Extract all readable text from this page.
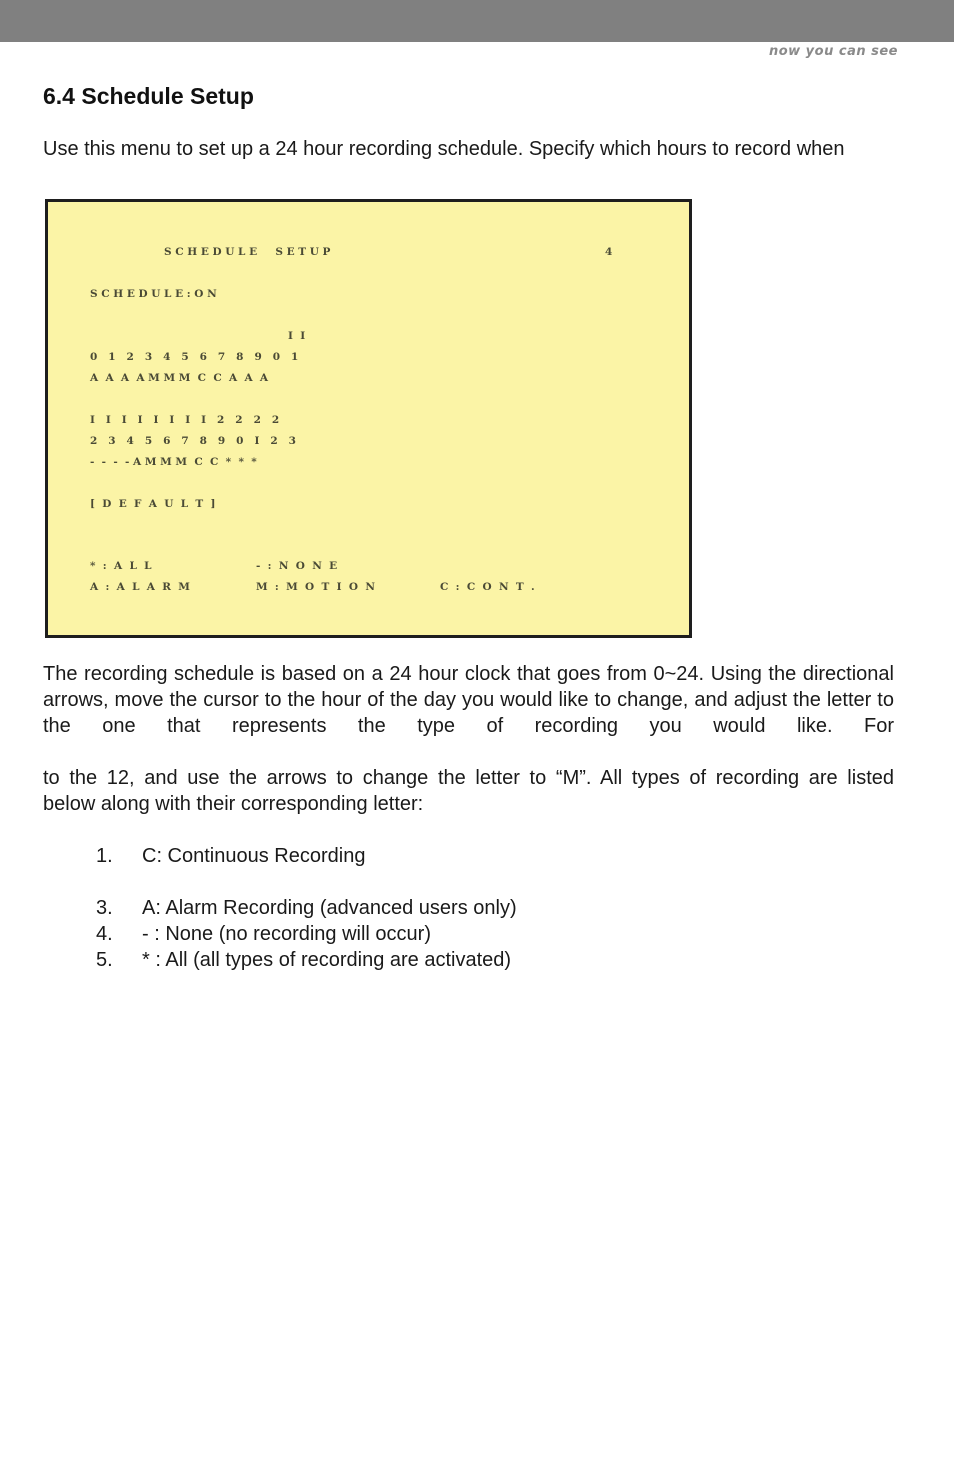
now you can see
6.4 Schedule Setup

Use this menu to set up a 24 hour recording schedule. Specify which hours to record when

S C H E D U L E     S E T U P	4
S C H E D U L E : O N
I  I
0   1   2   3   4   5   6   7   8   9   0   1
A  A  A  A M M M  C  C  A  A  A
I   I   I   I   I   I   I   I   2   2   2   2
2   3   4   5   6   7   8   9   0   I   2   3
-  -  -  - A M M M  C  C  *  *  *
[  D  E  F  A  U  L  T  ]
*  :  A  L  L	-  :  N  O  N  E
A  :  A  L  A  R  M	M  :  M  O  T  I  O  N	C  :  C  O  N  T  .

The recording schedule is based on a 24 hour clock that goes from 0~24. Using the directional arrows, move the cursor to the hour of the day you would like to change, and adjust the letter to the one that represents the type of recording you would like. For

to the 12, and use the arrows to change the letter to “M”. All types of recording are listed
below along with their corresponding letter:

1. C: Continuous Recording
3. A: Alarm Recording (advanced users only)
4. - : None (no recording will occur)
5. * : All (all types of recording are activated)
